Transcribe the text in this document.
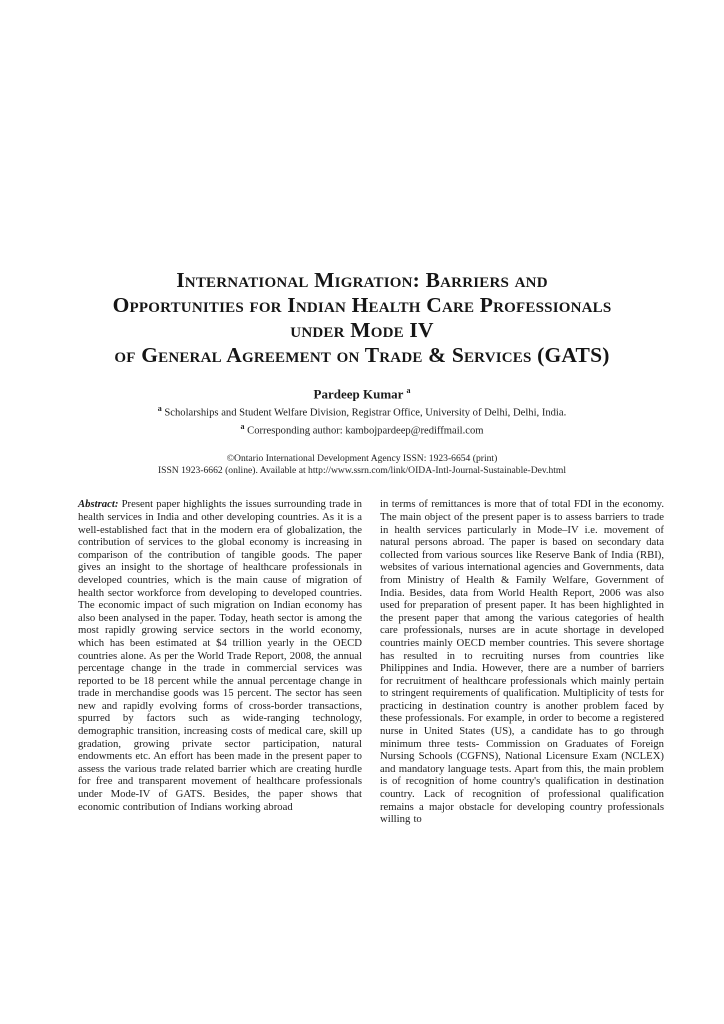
International Migration: Barriers and
Opportunities for Indian Health Care Professionals
under Mode IV
of General Agreement on Trade & Services (GATS)
Pardeep Kumar $^a$
$^a$ Scholarships and Student Welfare Division, Registrar Office, University of Delhi, Delhi, India.
$^a$ Corresponding author: kambojpardeep@rediffmail.com
©Ontario International Development Agency ISSN: 1923-6654 (print)
ISSN 1923-6662 (online). Available at http://www.ssrn.com/link/OIDA-Intl-Journal-Sustainable-Dev.html

Abstract: Present paper highlights the issues surrounding trade in health services in India and other developing countries. As it is a well-established fact that in the modern era of globalization, the contribution of services to the global economy is increasing in comparison of the contribution of tangible goods. The paper gives an insight to the shortage of healthcare professionals in developed countries, which is the main cause of migration of health sector workforce from developing to developed countries. The economic impact of such migration on Indian economy has also been analysed in the paper. Today, heath sector is among the most rapidly growing service sectors in the world economy, which has been estimated at $4 trillion yearly in the OECD countries alone. As per the World Trade Report, 2008, the annual percentage change in the trade in commercial services was reported to be 18 percent while the annual percentage change in trade in merchandise goods was 15 percent. The sector has seen new and rapidly evolving forms of cross-border transactions, spurred by factors such as wide-ranging technology, demographic transition, increasing costs of medical care, skill up gradation, growing private sector participation, natural endowments etc. An effort has been made in the present paper to assess the various trade related barrier which are creating hurdle for free and transparent movement of healthcare professionals under Mode-IV of GATS. Besides, the paper shows that economic contribution of Indians working abroad

in terms of remittances is more that of total FDI in the economy. The main object of the present paper is to assess barriers to trade in health services particularly in Mode–IV i.e. movement of natural persons abroad. The paper is based on secondary data collected from various sources like Reserve Bank of India (RBI), websites of various international agencies and Governments, data from Ministry of Health & Family Welfare, Government of India. Besides, data from World Health Report, 2006 was also used for preparation of present paper. It has been highlighted in the present paper that among the various categories of health care professionals, nurses are in acute shortage in developed countries mainly OECD member countries. This severe shortage has resulted in to recruiting nurses from countries like Philippines and India. However, there are a number of barriers for recruitment of healthcare professionals which mainly pertain to stringent requirements of qualification. Multiplicity of tests for practicing in destination country is another problem faced by these professionals. For example, in order to become a registered nurse in United States (US), a candidate has to go through minimum three tests- Commission on Graduates of Foreign Nursing Schools (CGFNS), National Licensure Exam (NCLEX) and mandatory language tests. Apart from this, the main problem is of recognition of home country's qualification in destination country. Lack of recognition of professional qualification remains a major obstacle for developing country professionals willing to
